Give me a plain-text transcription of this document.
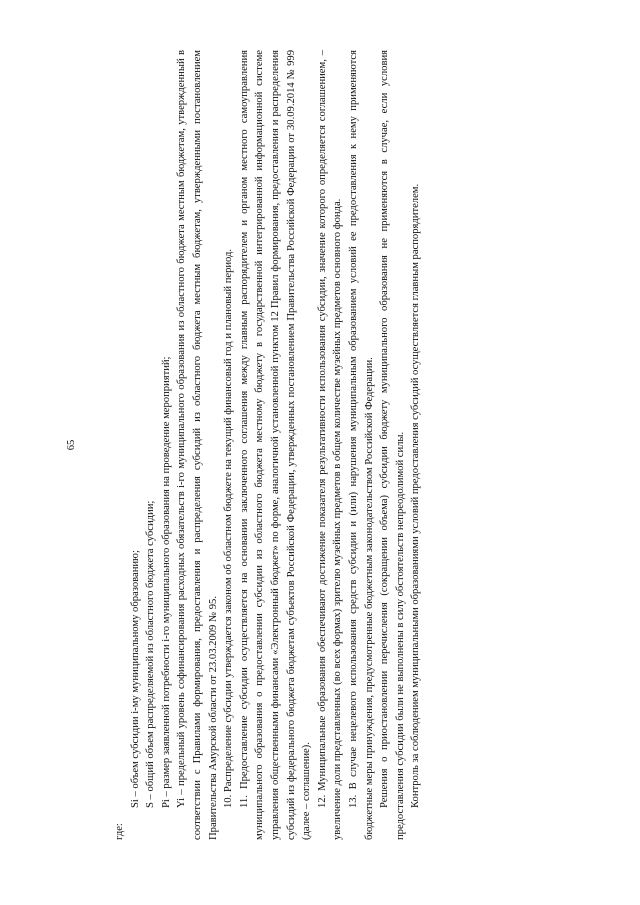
65

где:

Si – объем субсидии i-му муниципальному образованию; S – общий объем распределяемой из областного бюджета субсидии; Pi – размер заявленной потребности i-го муниципального образования на проведение мероприятий; Yi – предельный уровень софинансирования расходных обязательств i-го муниципального образования из областного бюджета местным бюджетам, утвержденный в соответствии с Правилами формирования, предоставления и распределения субсидий из областного бюджета местным бюджетам, утвержденными постановлением Правительства Амурской области от 23.03.2009 № 95. 10. Распределение субсидии утверждается законом об областном бюджете на текущий финансовый год и плановый период. 11. Предоставление субсидии осуществляется на основании заключенного соглашения между главным распорядителем и органом местного самоуправления муниципального образования о предоставлении субсидии из областного бюджета местному бюджету в государственной интегрированной информационной системе управления общественными финансами «Электронный бюджет» по форме, аналогичной установленной пунктом 12 Правил формирования, предоставления и распределения субсидий из федерального бюджета бюджетам субъектов Российской Федерации, утвержденных постановлением Правительства Российской Федерации от 30.09.2014 № 999 (далее – соглашение). 12. Муниципальные образования обеспечивают достижение показателя результативности использования субсидии, значение которого определяется соглашением, – увеличение доли представленных (во всех формах) зрителю музейных предметов в общем количестве музейных предметов основного фонда. 13. В случае нецелевого использования средств субсидии и (или) нарушения муниципальным образованием условий ее предоставления к нему применяются бюджетные меры принуждения, предусмотренные бюджетным законодательством Российской Федерации. Решения о приостановлении перечисления (сокращении объема) субсидии бюджету муниципального образования не применяются в случае, если условия предоставления субсидии были не выполнены в силу обстоятельств непреодолимой силы. Контроль за соблюдением муниципальными образованиями условий предоставления субсидий осуществляется главным распорядителем.
